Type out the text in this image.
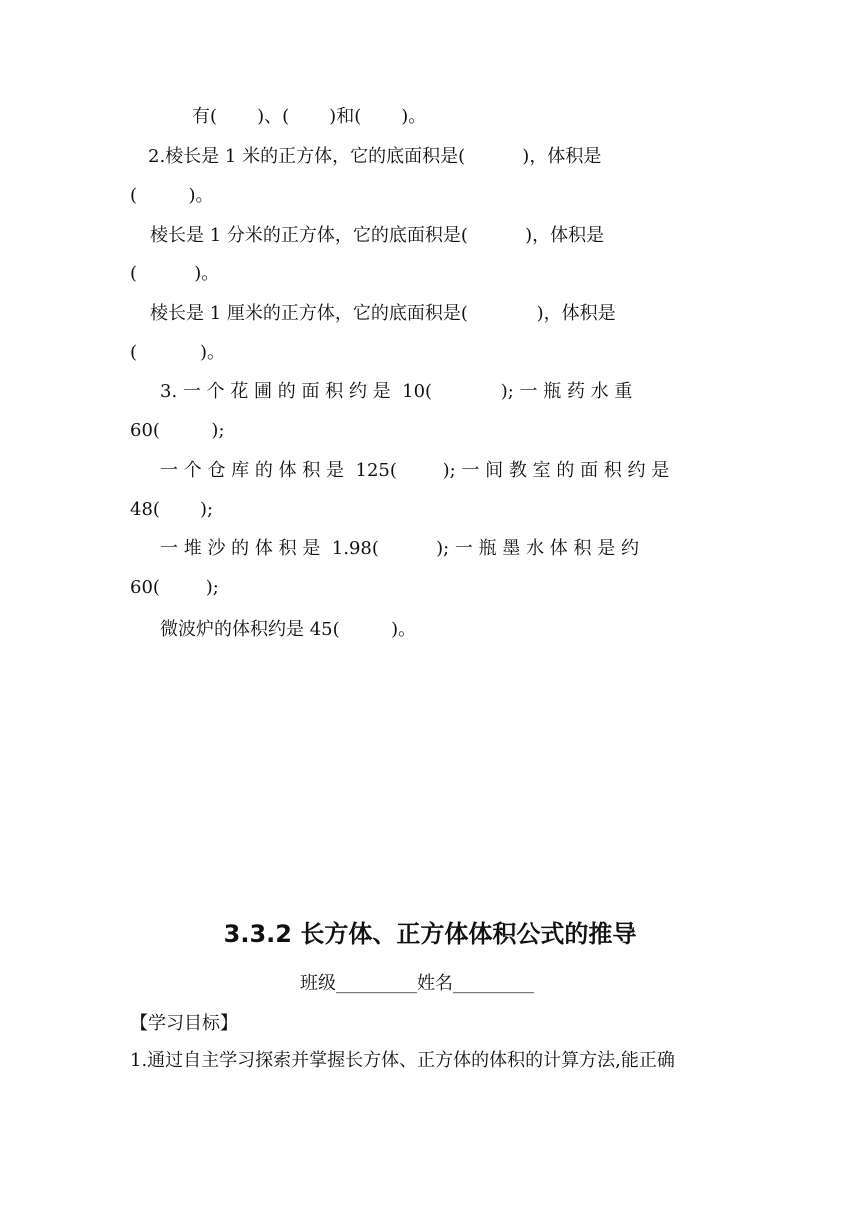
有(       )、(       )和(       )。
2.棱长是 1 米的正方体，它的底面积是(          )，体积是
(         )。
棱长是 1 分米的正方体，它的底面积是(          )，体积是
(          )。
棱长是 1 厘米的正方体，它的底面积是(            )，体积是
(           )。
3. 一 个 花 圃 的 面 积 约 是  10(            ); 一 瓶 药 水 重
60(         );
一 个 仓 库 的 体 积 是  125(        ); 一 间 教 室 的 面 积 约 是
48(       );
一 堆 沙 的 体 积 是  1.98(          ); 一 瓶 墨 水 体 积 是 约
60(        );
微波炉的体积约是 45(         )。
3.3.2 长方体、正方体体积公式的推导
班级_________姓名_________
【学习目标】
1.通过自主学习探索并掌握长方体、正方体的体积的计算方法,能正确
